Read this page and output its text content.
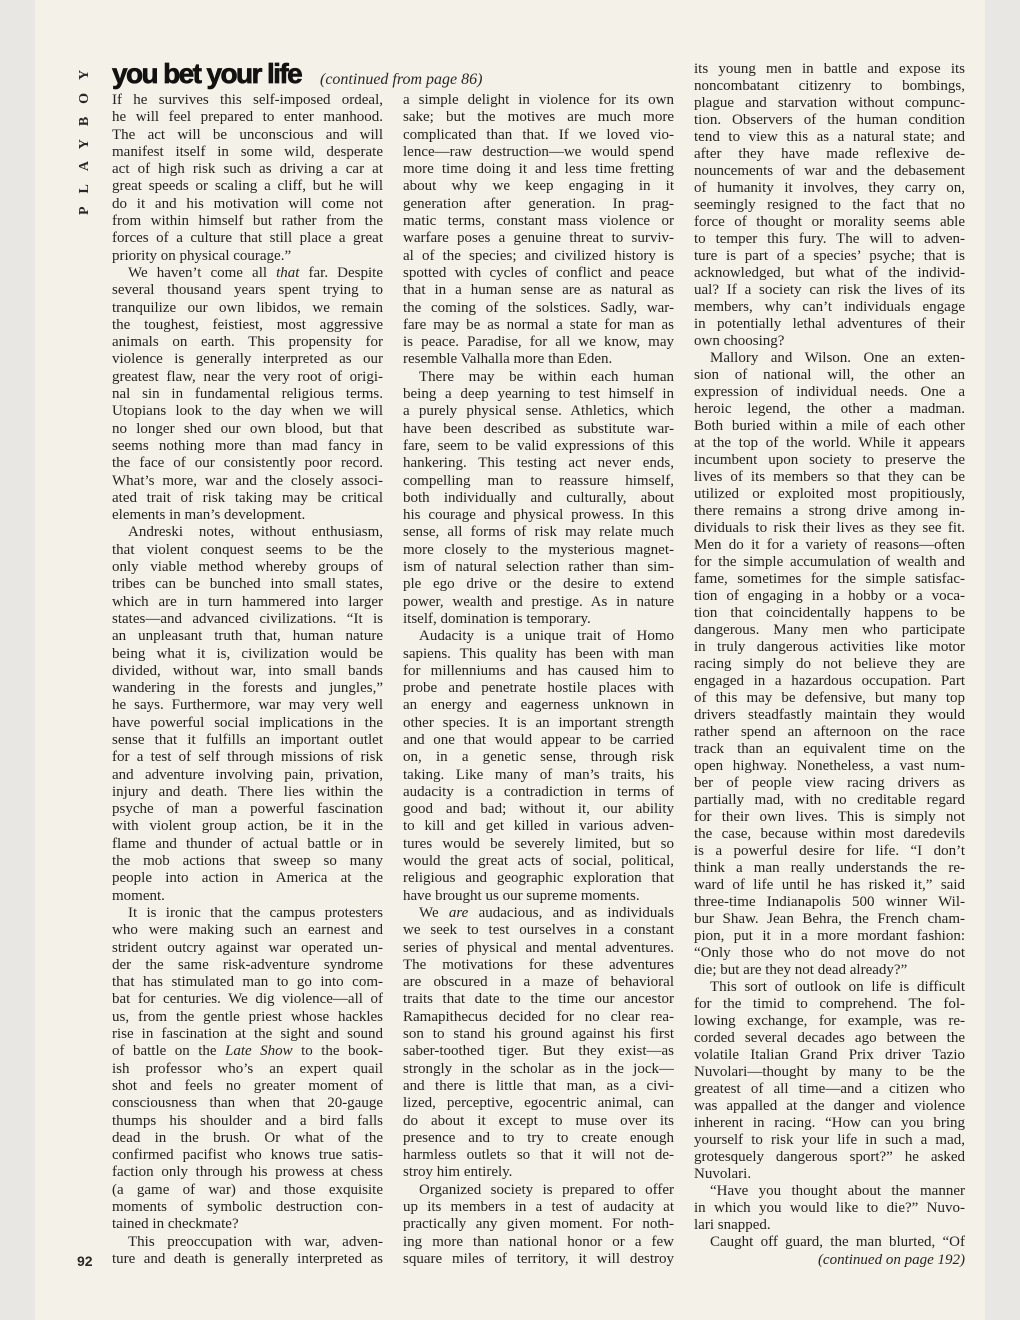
PLAYBOY you bet your life (continued from page 86)
If he survives this self-imposed ordeal,
he will feel prepared to enter manhood.
The act will be unconscious and will
manifest itself in some wild, desperate
act of high risk such as driving a car at
great speeds or scaling a cliff, but he will
do it and his motivation will come not
from within himself but rather from the
forces of a culture that still place a great
priority on physical courage.”
We haven’t come all that far. Despite
several thousand years spent trying to
tranquilize our own libidos, we remain
the toughest, feistiest, most aggressive
animals on earth. This propensity for
violence is generally interpreted as our
greatest flaw, near the very root of origi-
nal sin in fundamental religious terms.
Utopians look to the day when we will
no longer shed our own blood, but that
seems nothing more than mad fancy in
the face of our consistently poor record.
What’s more, war and the closely associ-
ated trait of risk taking may be critical
elements in man’s development.
Andreski notes, without enthusiasm,
that violent conquest seems to be the
only viable method whereby groups of
tribes can be bunched into small states,
which are in turn hammered into larger
states—and advanced civilizations. “It is
an unpleasant truth that, human nature
being what it is, civilization would be
divided, without war, into small bands
wandering in the forests and jungles,”
he says. Furthermore, war may very well
have powerful social implications in the
sense that it fulfills an important outlet
for a test of self through missions of risk
and adventure involving pain, privation,
injury and death. There lies within the
psyche of man a powerful fascination
with violent group action, be it in the
flame and thunder of actual battle or in
the mob actions that sweep so many
people into action in America at the
moment.
It is ironic that the campus protesters
who were making such an earnest and
strident outcry against war operated un-
der the same risk-adventure syndrome
that has stimulated man to go into com-
bat for centuries. We dig violence—all of
us, from the gentle priest whose hackles
rise in fascination at the sight and sound
of battle on the Late Show to the book-
ish professor who’s an expert quail
shot and feels no greater moment of
consciousness than when that 20-gauge
thumps his shoulder and a bird falls
dead in the brush. Or what of the
confirmed pacifist who knows true satis-
faction only through his prowess at chess
(a game of war) and those exquisite
moments of symbolic destruction con-
tained in checkmate?
This preoccupation with war, adven-
ture and death is generally interpreted as
a simple delight in violence for its own
sake; but the motives are much more
complicated than that. If we loved vio-
lence—raw destruction—we would spend
more time doing it and less time fretting
about why we keep engaging in it
generation after generation. In prag-
matic terms, constant mass violence or
warfare poses a genuine threat to surviv-
al of the species; and civilized history is
spotted with cycles of conflict and peace
that in a human sense are as natural as
the coming of the solstices. Sadly, war-
fare may be as normal a state for man as
is peace. Paradise, for all we know, may
resemble Valhalla more than Eden.
There may be within each human
being a deep yearning to test himself in
a purely physical sense. Athletics, which
have been described as substitute war-
fare, seem to be valid expressions of this
hankering. This testing act never ends,
compelling man to reassure himself,
both individually and culturally, about
his courage and physical prowess. In this
sense, all forms of risk may relate much
more closely to the mysterious magnet-
ism of natural selection rather than sim-
ple ego drive or the desire to extend
power, wealth and prestige. As in nature
itself, domination is temporary.
Audacity is a unique trait of Homo
sapiens. This quality has been with man
for millenniums and has caused him to
probe and penetrate hostile places with
an energy and eagerness unknown in
other species. It is an important strength
and one that would appear to be carried
on, in a genetic sense, through risk
taking. Like many of man’s traits, his
audacity is a contradiction in terms of
good and bad; without it, our ability
to kill and get killed in various adven-
tures would be severely limited, but so
would the great acts of social, political,
religious and geographic exploration that
have brought us our supreme moments.
We are audacious, and as individuals
we seek to test ourselves in a constant
series of physical and mental adventures.
The motivations for these adventures
are obscured in a maze of behavioral
traits that date to the time our ancestor
Ramapithecus decided for no clear rea-
son to stand his ground against his first
saber-toothed tiger. But they exist—as
strongly in the scholar as in the jock—
and there is little that man, as a civi-
lized, perceptive, egocentric animal, can
do about it except to muse over its
presence and to try to create enough
harmless outlets so that it will not de-
stroy him entirely.
Organized society is prepared to offer
up its members in a test of audacity at
practically any given moment. For noth-
ing more than national honor or a few
square miles of territory, it will destroy
its young men in battle and expose its
noncombatant citizenry to bombings,
plague and starvation without compunc-
tion. Observers of the human condition
tend to view this as a natural state; and
after they have made reflexive de-
nouncements of war and the debasement
of humanity it involves, they carry on,
seemingly resigned to the fact that no
force of thought or morality seems able
to temper this fury. The will to adven-
ture is part of a species’ psyche; that is
acknowledged, but what of the individ-
ual? If a society can risk the lives of its
members, why can’t individuals engage
in potentially lethal adventures of their
own choosing?
Mallory and Wilson. One an exten-
sion of national will, the other an
expression of individual needs. One a
heroic legend, the other a madman.
Both buried within a mile of each other
at the top of the world. While it appears
incumbent upon society to preserve the
lives of its members so that they can be
utilized or exploited most propitiously,
there remains a strong drive among in-
dividuals to risk their lives as they see fit.
Men do it for a variety of reasons—often
for the simple accumulation of wealth and
fame, sometimes for the simple satisfac-
tion of engaging in a hobby or a voca-
tion that coincidentally happens to be
dangerous. Many men who participate
in truly dangerous activities like motor
racing simply do not believe they are
engaged in a hazardous occupation. Part
of this may be defensive, but many top
drivers steadfastly maintain they would
rather spend an afternoon on the race
track than an equivalent time on the
open highway. Nonetheless, a vast num-
ber of people view racing drivers as
partially mad, with no creditable regard
for their own lives. This is simply not
the case, because within most daredevils
is a powerful desire for life. “I don’t
think a man really understands the re-
ward of life until he has risked it,” said
three-time Indianapolis 500 winner Wil-
bur Shaw. Jean Behra, the French cham-
pion, put it in a more mordant fashion:
“Only those who do not move do not
die; but are they not dead already?”
This sort of outlook on life is difficult
for the timid to comprehend. The fol-
lowing exchange, for example, was re-
corded several decades ago between the
volatile Italian Grand Prix driver Tazio
Nuvolari—thought by many to be the
greatest of all time—and a citizen who
was appalled at the danger and violence
inherent in racing. “How can you bring
yourself to risk your life in such a mad,
grotesquely dangerous sport?” he asked
Nuvolari.
“Have you thought about the manner
in which you would like to die?” Nuvo-
lari snapped.
Caught off guard, the man blurted, “Of
(continued on page 192)
92
